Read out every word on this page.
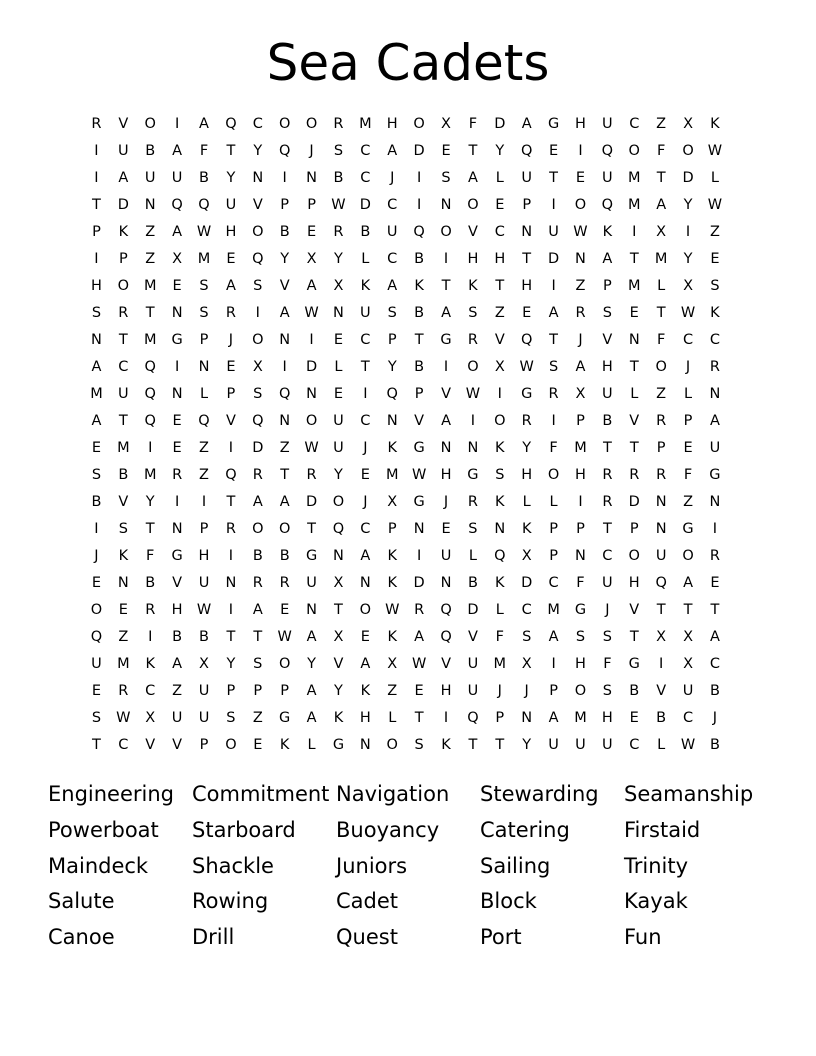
Sea Cadets
R	V	O	I	A	Q	C	O	O	R	M	H	O	X	F	D	A	G	H	U	C	Z	X	K
I	U	B	A	F	T	Y	Q	J	S	C	A	D	E	T	Y	Q	E	I	Q	O	F	O W
I	A	U	U	B	Y	N	I	N	B	C	J	I	S	A	L	U	T	E	U	M	T	D	L
T	D	N	Q	Q	U	V	P	P	W D	C	I	N	O	E	P	I	O	Q	M	A	Y	W
P	K	Z	A	W H	O	B	E	R	B	U	Q	O	V	C	N	U W	K	I	X	I	Z
I	P	Z	X	M	E	Q	Y	X	Y	L	C	B	I	H	H	T	D	N	A	T	M	Y	E
H	O	M	E	S	A	S	V	A	X	K	A	K	T	K	T	H	I	Z	P	M	L	X	S
S	R	T	N	S	R	I	A	W N	U	S	B	A	S	Z	E	A	R	S	E	T	W	K
N	T	M	G	P	J	O	N	I	E	C	P	T	G	R	V	Q	T	J	V	N	F	C	C
A	C	Q	I	N	E	X	I	D	L	T	Y	B	I	O	X	W	S	A	H	T	O	J	R
M	U	Q	N	L	P	S	Q	N	E	I	Q	P	V	W	I	G	R	X	U	L	Z	L	N
A	T	Q	E	Q	V	Q	N	O	U	C	N	V	A	I	O	R	I	P	B	V	R	P	A
E	M	I	E	Z	I	D	Z	W U	J	K	G	N	N	K	Y	F	M	T	T	P	E	U
S	B	M	R	Z	Q	R	T	R	Y	E	M W H	G	S	H	O	H	R	R	R	F	G
B	V	Y	I	I	T	A	A	D	O	J	X	G	J	R	K	L	L	I	R	D	N	Z	N
I	S	T	N	P	R	O	O	T	Q	C	P	N	E	S	N	K	P	P	T	P	N	G	I
J	K	F	G	H	I	B	B	G	N	A	K	I	U	L	Q	X	P	N	C	O	U	O	R
E	N	B	V	U	N	R	R	U	X	N	K	D	N	B	K	D	C	F	U	H	Q	A	E
O	E	R	H W	I	A	E	N	T	O W	R	Q	D	L	C	M	G	J	V	T	T	T
Q	Z	I	B	B	T	T	W	A	X	E	K	A	Q	V	F	S	A	S	S	T	X	X	A
U	M	K	A	X	Y	S	O	Y	V	A	X	W	V	U	M	X	I	H	F	G	I	X	C
E	R	C	Z	U	P	P	P	A	Y	K	Z	E	H	U	J	J	P	O	S	B	V	U	B
S	W	X	U	U	S	Z	G	A	K	H	L	T	I	Q	P	N	A	M	H	E	B	C	J
T	C	V	V	P	O	E	K	L	G	N	O	S	K	T	T	Y	U	U	U	C	L	W	B
Engineering Commitment Navigation	Stewarding	Seamanship
Powerboat	Starboard	Buoyancy	Catering	Firstaid
Maindeck	Shackle	Juniors	Sailing	Trinity
Salute	Rowing	Cadet	Block	Kayak
Canoe	Drill	Quest	Port	Fun
